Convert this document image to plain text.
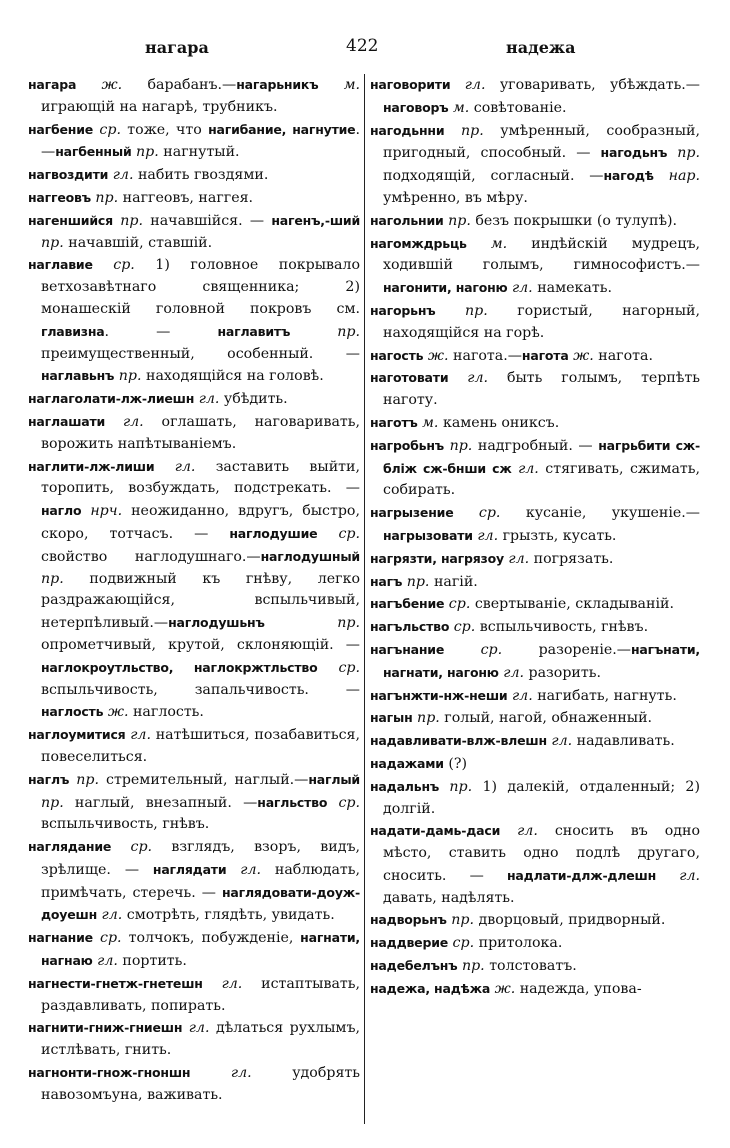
нагара	422	надежа

нагара ж. барабанъ.—нагарьникъ м. играющій на нагарѣ, трубникъ.

нагбение ср. тоже, что нагибание, нагнутие.—нагбенный пр. нагнутый.

нагвоздити гл. набить гвоздями.

наггеовъ пр. наггеовъ, наггея.

нагеншийся пр. начавшійся. — нагенъ,-ший пр. начавшій, ставшій.

наглавие ср. 1) головное покрывало ветхозавѣтнаго священника; 2) монашескій головной покровъ см. главизна. — наглавитъ пр. преимущественный, особенный. — наглавьнъ пр. находящійся на головѣ.

наглаголати-лж-лиешн гл. убѣдить.

наглашати гл. оглашать, наговаривать, ворожить напѣтываніемъ.

наглити-лж-лиши гл. заставить выйти, торопить, возбуждать, подстрекать. — нагло нрч. неожиданно, вдругъ, быстро, скоро, тотчасъ. — наглодушие ср. свойство наглодушнаго.—наглодушный пр. подвижный къ гнѣву, легко раздражающійся, вспыльчивый, нетерпѣливый.—наглодушьнъ пр. опрометчивый, крутой, склоняющій. — наглокроутльство, наглокржтльство ср. вспыльчивость, запальчивость. — наглость ж. наглость.

наглоумитися гл. натѣшиться, позабавиться, повеселиться.

наглъ пр. стремительный, наглый.—наглый пр. наглый, внезапный. —нагльство ср. вспыльчивость, гнѣвъ.

наглядание ср. взглядъ, взоръ, видъ, зрѣлище. — наглядати гл. наблюдать, примѣчать, стеречь. — наглядовати-доуж-доуешн гл. смотрѣть, глядѣть, увидать.

нагнание ср. толчокъ, побужденіе, нагнати, нагнаю гл. портить.

нагнести-гнетж-гнетешн гл. истаптывать, раздавливать, попирать.

нагнити-гниж-гниешн гл. дѣлаться рухлымъ, истлѣвать, гнить.

нагнонти-гнож-гноншн гл. удобрять навозомъуна, важивать.

наговорити гл. уговаривать, убѣждать.—наговоръ м. совѣтованіе.

нагодьнни пр. умѣренный, сообразный, пригодный, способный. — нагодьнъ пр. подходящій, согласный. —нагодѣ нар. умѣренно, въ мѣру.

нагольнии пр. безъ покрышки (о тулупѣ).

нагомждрьць м. индѣйскій мудрецъ, ходившій голымъ, гимнософистъ.—нагонити, нагоню гл. намекать.

нагорьнъ пр. гористый, нагорный, находящійся на горѣ.

нагость ж. нагота.—нагота ж. нагота.

наготовати гл. быть голымъ, терпѣть наготу.

наготъ м. камень ониксъ.

нагробьнъ пр. надгробный. — нагрьбити сж-бліж сж-бнши сж гл. стягивать, сжимать, собирать.

нагрызение ср. кусаніе, укушеніе.—нагрызовати гл. грызть, кусать.

нагрязти, нагрязоу гл. погрязать.

нагъ пр. нагій.

нагъбение ср. свертываніе, складываній.

нагъльство ср. вспыльчивость, гнѣвъ.

нагънание ср. разореніе.—нагънати, нагнати, нагоню гл. разорить.

нагънжти-нж-неши гл. нагибать, нагнуть.

нагын пр. голый, нагой, обнаженный.

надавливати-влж-влешн гл. надавливать.

надажами (?)

надальнъ пр. 1) далекій, отдаленный; 2) долгій.

надати-дамь-даси гл. сносить въ одно мѣсто, ставить одно подлѣ другаго, сносить. — надлати-длж-длешн гл. давать, надѣлять.

надворьнъ пр. дворцовый, придворный.

наддверие ср. притолока.

надебелънъ пр. толстоватъ.

надежа, надѣжа ж. надежда, упова-
